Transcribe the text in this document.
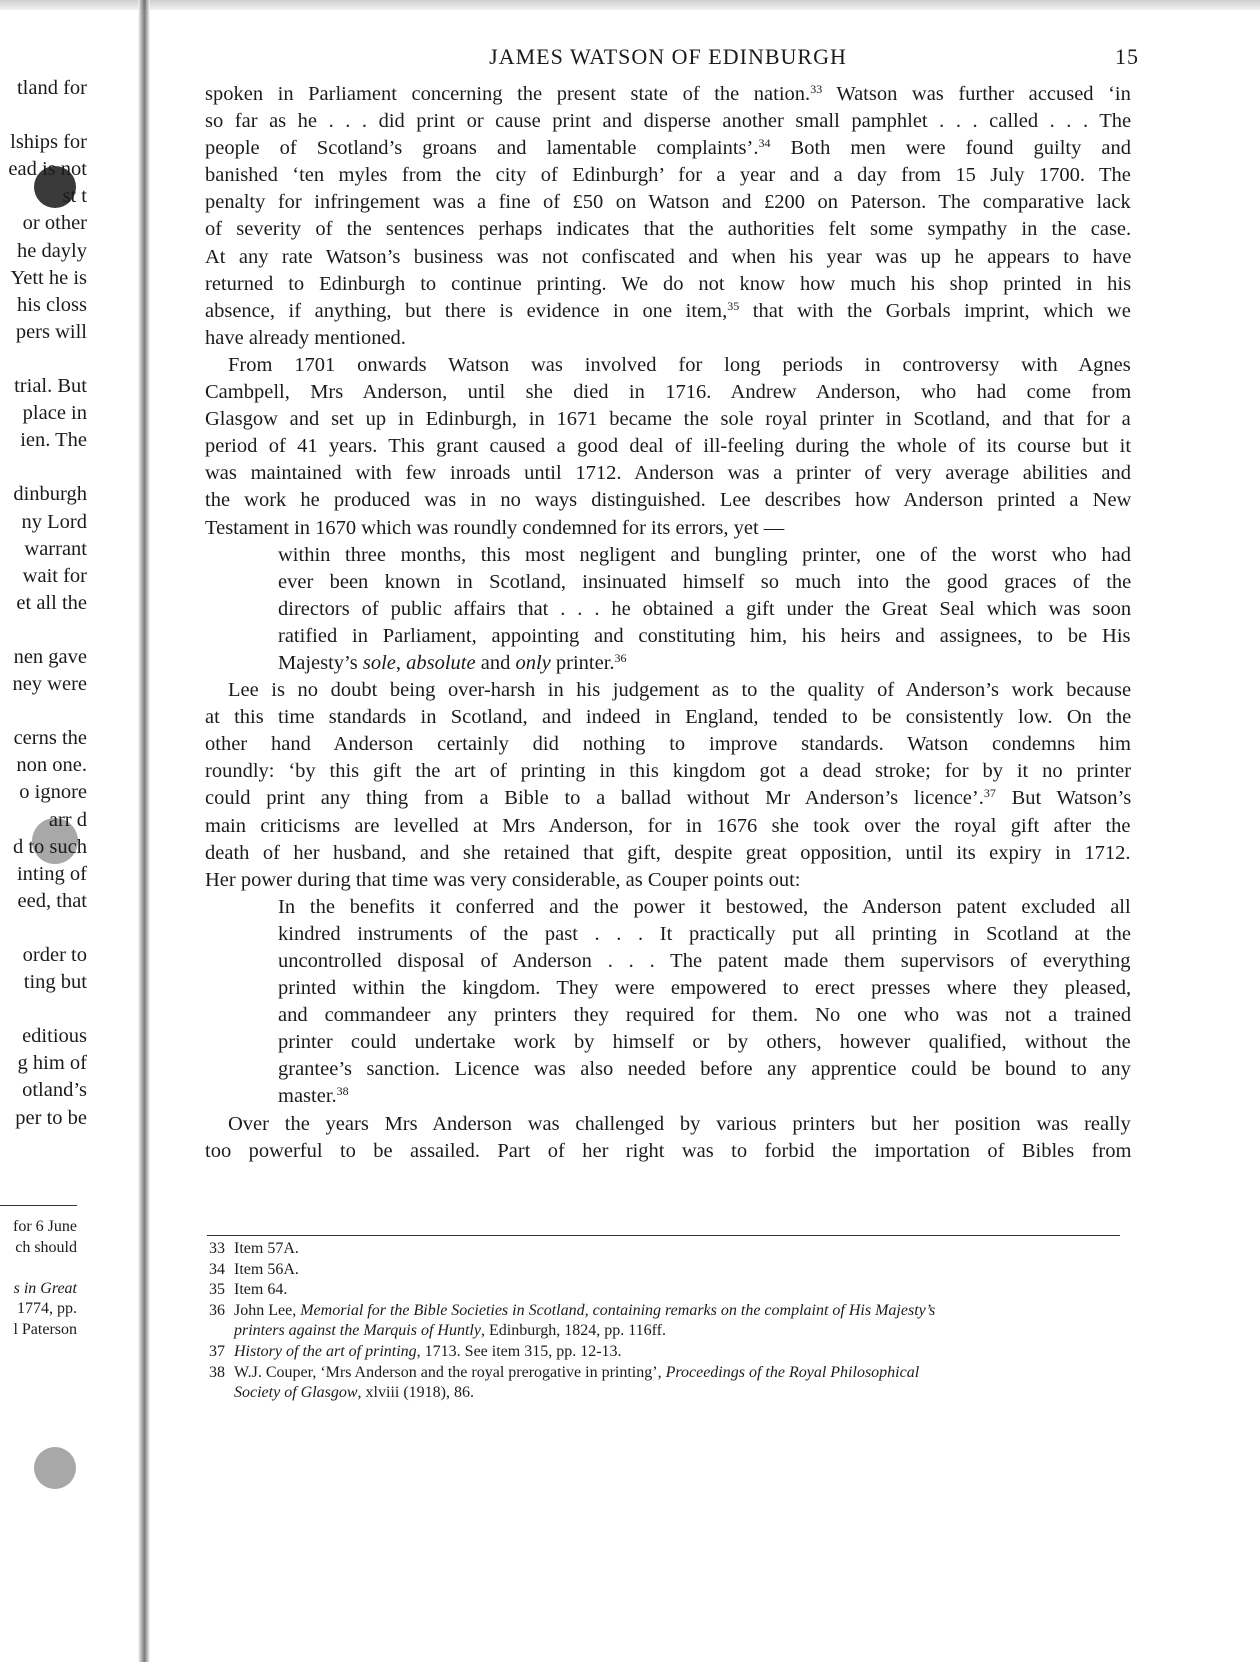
tland for
lships for
ead is not
st t
or other
he dayly
Yett he is
his closs
pers will
trial. But
place in
ien. The
dinburgh
ny Lord
warrant
wait for
et all the
nen gave
ney were
cerns the
non one.
o ignore
arr d
d to such
inting of
eed, that
order to
ting but
editious
g him of
otland’s
per to be
for 6 June
ch should
s in Great
1774, pp.
l Paterson
JAMES WATSON OF EDINBURGH	15
spoken in Parliament concerning the present state of the nation.$^{33}$ Watson was further accused ‘in
so far as he . . . did print or cause print and disperse another small pamphlet . . . called . . . The
people of Scotland’s groans and lamentable complaints’.$^{34}$ Both men were found guilty and
banished ‘ten myles from the city of Edinburgh’ for a year and a day from 15 July 1700. The
penalty for infringement was a fine of £50 on Watson and £200 on Paterson. The comparative lack
of severity of the sentences perhaps indicates that the authorities felt some sympathy in the case.
At any rate Watson’s business was not confiscated and when his year was up he appears to have
returned to Edinburgh to continue printing. We do not know how much his shop printed in his
absence, if anything, but there is evidence in one item,$^{35}$ that with the Gorbals imprint, which we
have already mentioned.
From 1701 onwards Watson was involved for long periods in controversy with Agnes
Cambpell, Mrs Anderson, until she died in 1716. Andrew Anderson, who had come from
Glasgow and set up in Edinburgh, in 1671 became the sole royal printer in Scotland, and that for a
period of 41 years. This grant caused a good deal of ill-feeling during the whole of its course but it
was maintained with few inroads until 1712. Anderson was a printer of very average abilities and
the work he produced was in no ways distinguished. Lee describes how Anderson printed a New
Testament in 1670 which was roundly condemned for its errors, yet —
within three months, this most negligent and bungling printer, one of the worst who had
ever been known in Scotland, insinuated himself so much into the good graces of the
directors of public affairs that . . . he obtained a gift under the Great Seal which was soon
ratified in Parliament, appointing and constituting him, his heirs and assignees, to be His
Majesty’s sole, absolute and only printer.$^{36}$
Lee is no doubt being over-harsh in his judgement as to the quality of Anderson’s work because
at this time standards in Scotland, and indeed in England, tended to be consistently low. On the
other hand Anderson certainly did nothing to improve standards. Watson condemns him
roundly: ‘by this gift the art of printing in this kingdom got a dead stroke; for by it no printer
could print any thing from a Bible to a ballad without Mr Anderson’s licence’.$^{37}$ But Watson’s
main criticisms are levelled at Mrs Anderson, for in 1676 she took over the royal gift after the
death of her husband, and she retained that gift, despite great opposition, until its expiry in 1712.
Her power during that time was very considerable, as Couper points out:
In the benefits it conferred and the power it bestowed, the Anderson patent excluded all
kindred instruments of the past . . . It practically put all printing in Scotland at the
uncontrolled disposal of Anderson . . . The patent made them supervisors of everything
printed within the kingdom. They were empowered to erect presses where they pleased,
and commandeer any printers they required for them. No one who was not a trained
printer could undertake work by himself or by others, however qualified, without the
grantee’s sanction. Licence was also needed before any apprentice could be bound to any
master.$^{38}$
Over the years Mrs Anderson was challenged by various printers but her position was really
too powerful to be assailed. Part of her right was to forbid the importation of Bibles from
33 Item 57A.
34 Item 56A.
35 Item 64.
36 John Lee, Memorial for the Bible Societies in Scotland, containing remarks on the complaint of His Majesty’s
printers against the Marquis of Huntly, Edinburgh, 1824, pp. 116ff.
37 History of the art of printing, 1713. See item 315, pp. 12-13.
38 W.J. Couper, ‘Mrs Anderson and the royal prerogative in printing’, Proceedings of the Royal Philosophical
Society of Glasgow, xlviii (1918), 86.
